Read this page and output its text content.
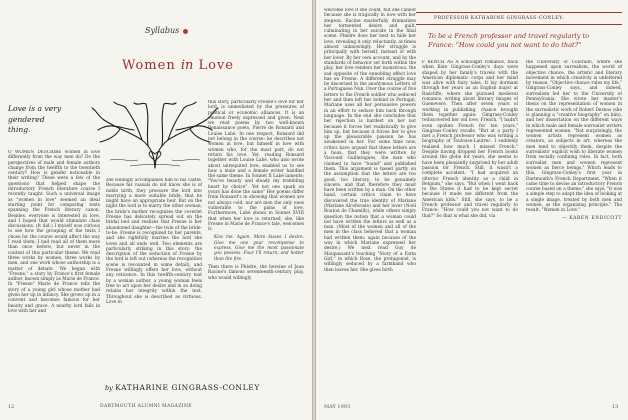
Syllabus
Women in Love
Love is a very gendered thing.
O WOMEN DESCRIBE women in love differently from the way men do? Do the perspectives of male and female authors change from the twelfth to the twentieth century? How is gender noticeable in their writing? These were a few of the questions that helped shape the introductory French literature course I recently taught. Such a universal image as "women in love" seemed an ideal starting point for comparing texts spanning the French literary canon. Besides, everyone is interested in love, and I hoped that would stimulate class discussions. (It did.) I myself was curious to see how the grouping of the texts I chose for the course would affect the way I read them; I had read all of them more than once before, but never in the context of this particular theme. We read three works by women, three works by men, and one work whose authorship is a matter of debate. We began with "Fresne," a story by France's first female author, known simply as Marie de France. In "Fresne" Marie de France tells the story of a young girl whose mother had given her up in infancy. She grows up in a convent and becomes famous for her beauty and grace. A nearby lord falls in love with her and
she willingly accompanies him to his castle. Because his vassals do not know she is of noble birth, they pressure the lord into marrying a more suitable bride, that he might have an appropriate heir. But on the night the lord is to marry the other woman, the bride's mother recognizes the coverlet Fresne has delicately spread out on the bridal bed and realizes that Fresne is her abandoned daughter—the twin of the bride-to-be. Fresne is recognized by her parents, and she rightfully marries the lord she loves and all ends well. Two elements are particularly striking in this story: the description of the seduction of Fresne by the lord is left out (whereas the recognition scene is recounted in some detail), and Fresne willingly offers her love, without any reticence. In this twelfth-century text by a woman author, a young woman feels free to act upon her desire and in so doing retains her integrity within the text. Throughout she is described as virtuous. Love in
this story, particularly Fresne's love for her lord, is unmediated by the pressures of political or economic alliances. It is an emotion freely expressed and given. Next we read poems by two well-known Renaissance poets, Pierre de Ronsard and Louise Labé. In one respect, Ronsard did not belong in the course: he describes not women in love, but himself in love with women who, for the most part, do not return his love. Yet, reading Ronsard together with Louise Labé, who also wrote about unrequited love, enabled us to see how a male and a female writer handled the same theme. In Sonnet II Labé laments: "You've beauty and steady my trembling heart by choice". Yet not one spark on yours has done the same" Her poems differ from Ronsard's in showing that women are not always cold, nor are men the only ones vulnerable to the pains of love. Furthermore, Labé shows in Sonnet XVIII that when her love is returned, she, like Fresne in Marie de France's tale, welcomes it:
Kiss me. Again. More kisses I desire. Give me one your recompense to express. Give me the most passionate you possess. Four I'll return, and hotter than the fire.
Then there is Phèdre, the heroine of Jean Racine's famous seventeenth-century play, who would willingly
by KATHARINE GINGRASS-CONLEY
12	DARTMOUTH ALUMNI MAGAZINE
welcome love if she could, but she cannot because she is tragically in love with her stepson. Racine masterfully dramatizes her tormented desire and guilt, culminating in her suicide in the final scene. Phèdre does her best to hide her love, revealing it only reluctantly, at times almost unknowingly. Her struggle is principally with herself, instead of with her lover. By her own account, and by the standards of behavior set forth within the play, her love renders her monstrous, the sad opposite of the ennobling effect love has on Fresne. A different struggle may be discerned in the anonymous Letters of a Portuguese Nun. Over the course of five letters to the French soldier who seduced her and then left her behind in Portugal, Mariane uses all her persuasive powers in an effort to seduce him back through language. In the end she concludes that her rejection is hardest on her not because it forces her realistically to give him up, but because it forces her to give up the pleasurable passion he has awakened in her. For some time now, critics have argued that these letters are a hoax, that they were written by Viscount Guilleragues, the man who claimed to have "found" and published them. This argument is based partly on the assumption that the letters are too good, too literary, to be genuinely sincere, and that therefore they must have been written by a man. On the other hand, certain critics claim to have discovered the true identity of Mariane (Mariane Alcoforado) and her lover (Noël Bouton de Chamilly), while others simply question the notion that a woman could not have written the letters as well as a man. (Most of the women and all of the men in the class believed that a woman had written them: again because of the way in which Mariane expressed her desire.) We next read Guy de Maupassant's touching "Story of a Farm Girl," in which Rose, the protagonist, is willingly seduced by a farmhand who then leaves her. She gives birth
PROFESSOR KATHARINE GINGRASS-CONLEY:
To be a French professor and travel regularly to France: "How could you not want to do that?"
F RENCH AS A schoolgirl romance, back when Kate Gingrass-Conley's days were shaped by her family's travels with the American diplomatic corps and her mind was alive with fairy tales. It lay dormant through her years as an English major at Radcliffe, where she pursued medieval romance, writing about literary images of Guenevere. Then after seven years of working in publishing, chance brought them together again: Gingrass-Conley rediscovered her old love, French. "I hadn't even spoken French for ten years," Gingrass-Conley recalls. "But at a party I met a French professor who was writing a biography of Toulouse-Lautrec. I suddenly realized how much I missed French." Despite having dropped her French books around the globe for years, she seems to have been pleasantly surprised by her adult passion for French. Still, it wasn't a complete accident. "I had acquired an ulterior French identity as a child in Belgium," she says. "But when I went back to the States it had to be kept secret because it made me different from the American kids." Still, she says, to be a French professor and travel regularly to France: "How could you not want to do that?" So that is what she did, via
the University of Colorado, where she happened upon surrealism, the world of objective chance, the artistic and literary movement in which creativity is unfettered by reason. "Objective chance rules my life," Gingrass-Conley says, and indeed, surrealism led her to the University of Pennsylvania. She wrote her master's thesis on the representation of women in the surrealistic work of Robert Desnos (she is planning a "creative biography" on him), and her dissertation on the different ways in which male and female surrealist writers represented women. "Not surprisingly, the women artists represent women as creators, as subjects in art, whereas the men tend to objectify them, despite the surrealists' explicit wish to liberate women from socially confining roles. In fact, both surrealist men and women represent women as fierce beings." Which leads to this, Gingrass-Conley's first year in Dartmouth's French Department. "When it came time to devise an introductory French course based on a theme," she says, "it was a simple step to adapt the idea of looking at a single image, treated by both men and women, as the organizing principle." The result: "Women in Love."
— KAREN ENDICOTT
MAY 1993	13
